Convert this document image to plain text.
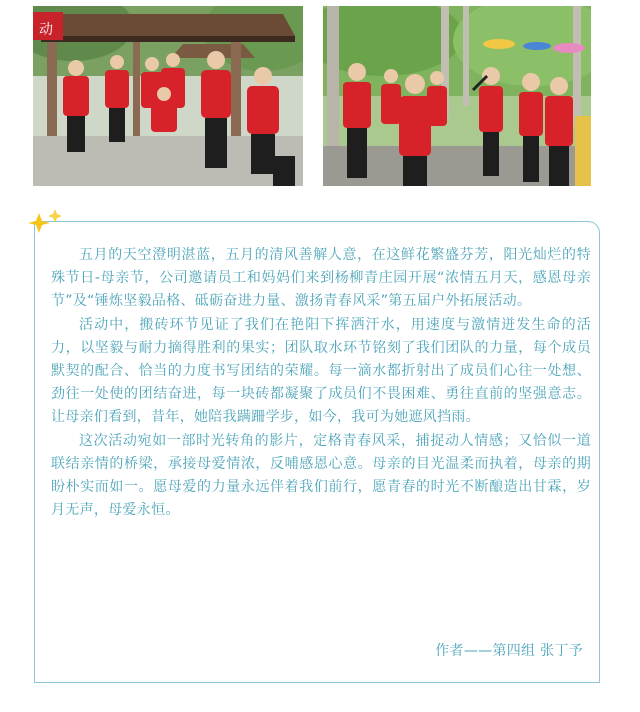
动

五月的天空澄明湛蓝，五月的清风善解人意，在这鲜花繁盛芬芳，阳光灿烂的特殊节日-母亲节，公司邀请员工和妈妈们来到杨柳青庄园开展“浓情五月天，感恩母亲节”及“锤炼坚毅品格、砥砺奋进力量、激扬青春风采”第五届户外拓展活动。

活动中，搬砖环节见证了我们在艳阳下挥洒汗水，用速度与激情迸发生命的活力，以坚毅与耐力摘得胜利的果实；团队取水环节铭刻了我们团队的力量，每个成员默契的配合、恰当的力度书写团结的荣耀。每一滴水都折射出了成员们心往一处想、劲往一处使的团结奋进，每一块砖都凝聚了成员们不畏困难、勇往直前的坚强意志。让母亲们看到，昔年，她陪我蹒跚学步，如今，我可为她遮风挡雨。

这次活动宛如一部时光转角的影片，定格青春风采，捕捉动人情感；又恰似一道联结亲情的桥梁，承接母爱情浓，反哺感恩心意。母亲的目光温柔而执着，母亲的期盼朴实而如一。愿母爱的力量永远伴着我们前行，愿青春的时光不断酿造出甘霖，岁月无声，母爱永恒。

作者——第四组 张丁予
